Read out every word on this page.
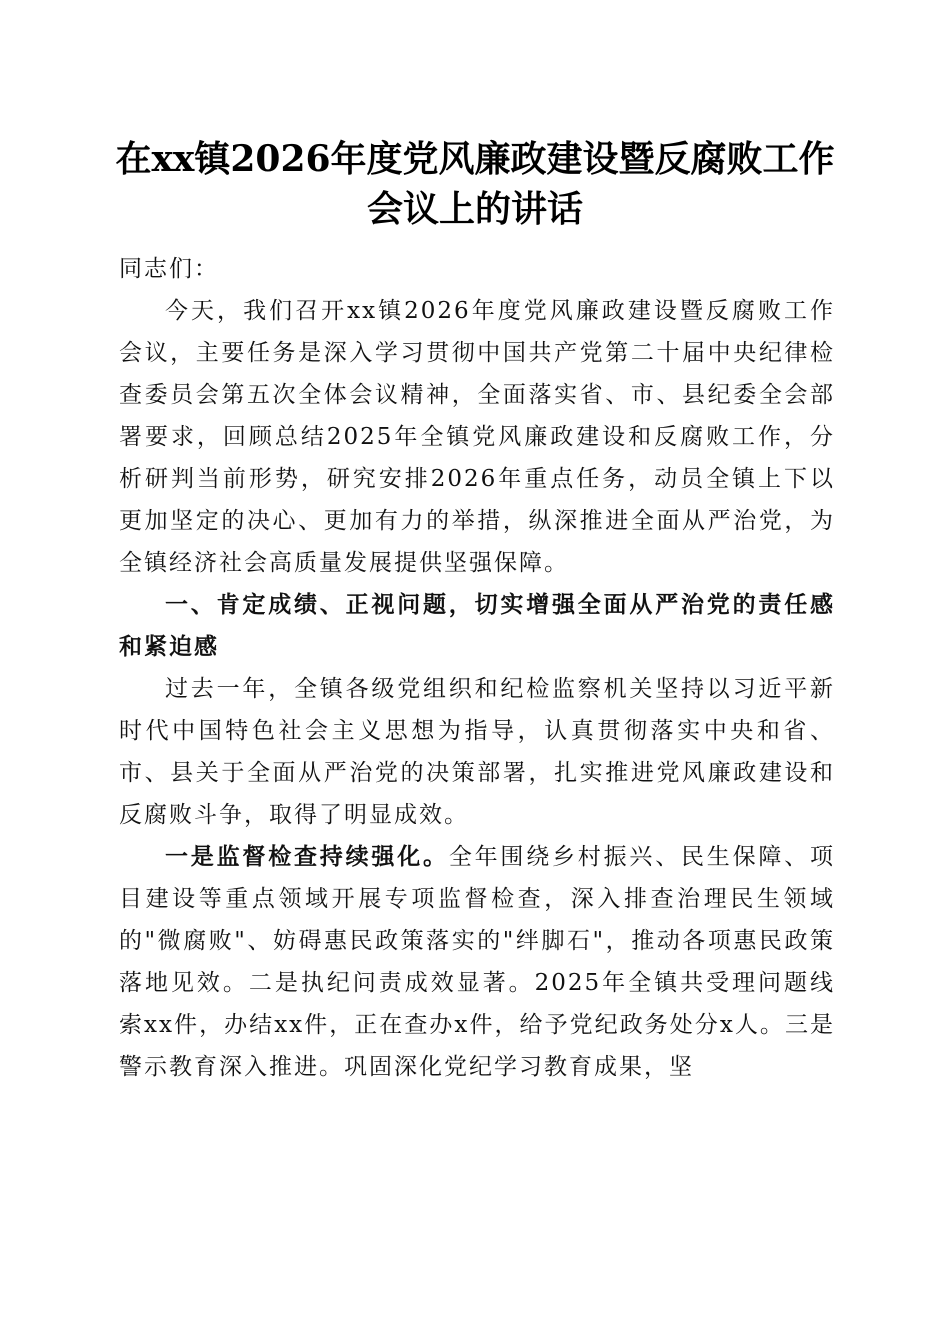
在xx镇2026年度党风廉政建设暨反腐败工作
会议上的讲话

同志们：

今天，我们召开xx镇2026年度党风廉政建设暨反腐败工作会议，主要任务是深入学习贯彻中国共产党第二十届中央纪律检查委员会第五次全体会议精神，全面落实省、市、县纪委全会部署要求，回顾总结2025年全镇党风廉政建设和反腐败工作，分析研判当前形势，研究安排2026年重点任务，动员全镇上下以更加坚定的决心、更加有力的举措，纵深推进全面从严治党，为全镇经济社会高质量发展提供坚强保障。

一、肯定成绩、正视问题，切实增强全面从严治党的责任感和紧迫感

过去一年，全镇各级党组织和纪检监察机关坚持以习近平新时代中国特色社会主义思想为指导，认真贯彻落实中央和省、市、县关于全面从严治党的决策部署，扎实推进党风廉政建设和反腐败斗争，取得了明显成效。

一是监督检查持续强化。全年围绕乡村振兴、民生保障、项目建设等重点领域开展专项监督检查，深入排查治理民生领域的"微腐败"、妨碍惠民政策落实的"绊脚石"，推动各项惠民政策落地见效。二是执纪问责成效显著。2025年全镇共受理问题线索xx件，办结xx件，正在查办x件，给予党纪政务处分x人。三是警示教育深入推进。巩固深化党纪学习教育成果，坚
